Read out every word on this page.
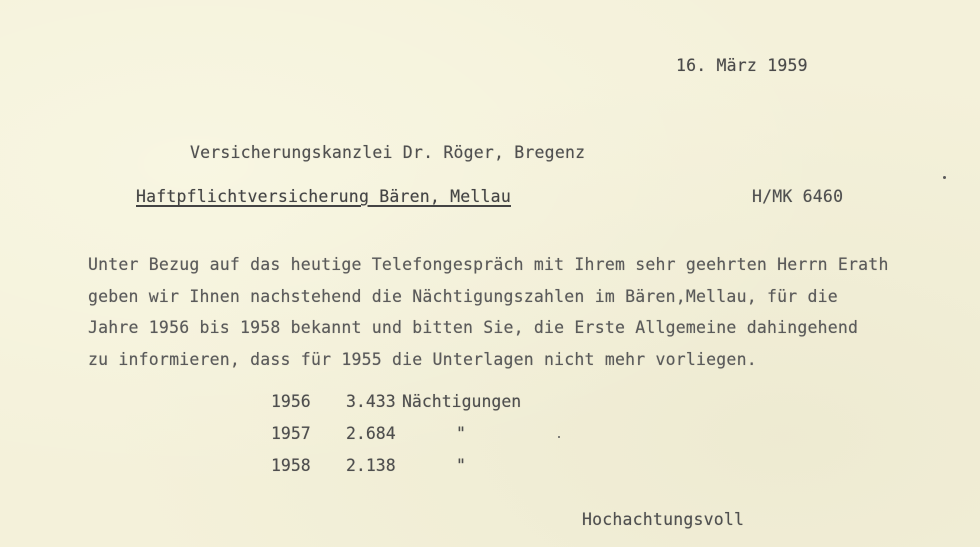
16. März 1959
Versicherungskanzlei Dr. Röger, Bregenz
Haftpflichtversicherung Bären, Mellau	H/MK 6460
Unter Bezug auf das heutige Telefongespräch mit Ihrem sehr geehrten Herrn Erath
geben wir Ihnen nachstehend die Nächtigungszahlen im Bären,Mellau, für die
Jahre 1956 bis 1958 bekannt und bitten Sie, die Erste Allgemeine dahingehend
zu informieren, dass für 1955 die Unterlagen nicht mehr vorliegen.
1956 3.433 Nächtigungen
1957 2.684	"
1958 2.138	"
Hochachtungsvoll
